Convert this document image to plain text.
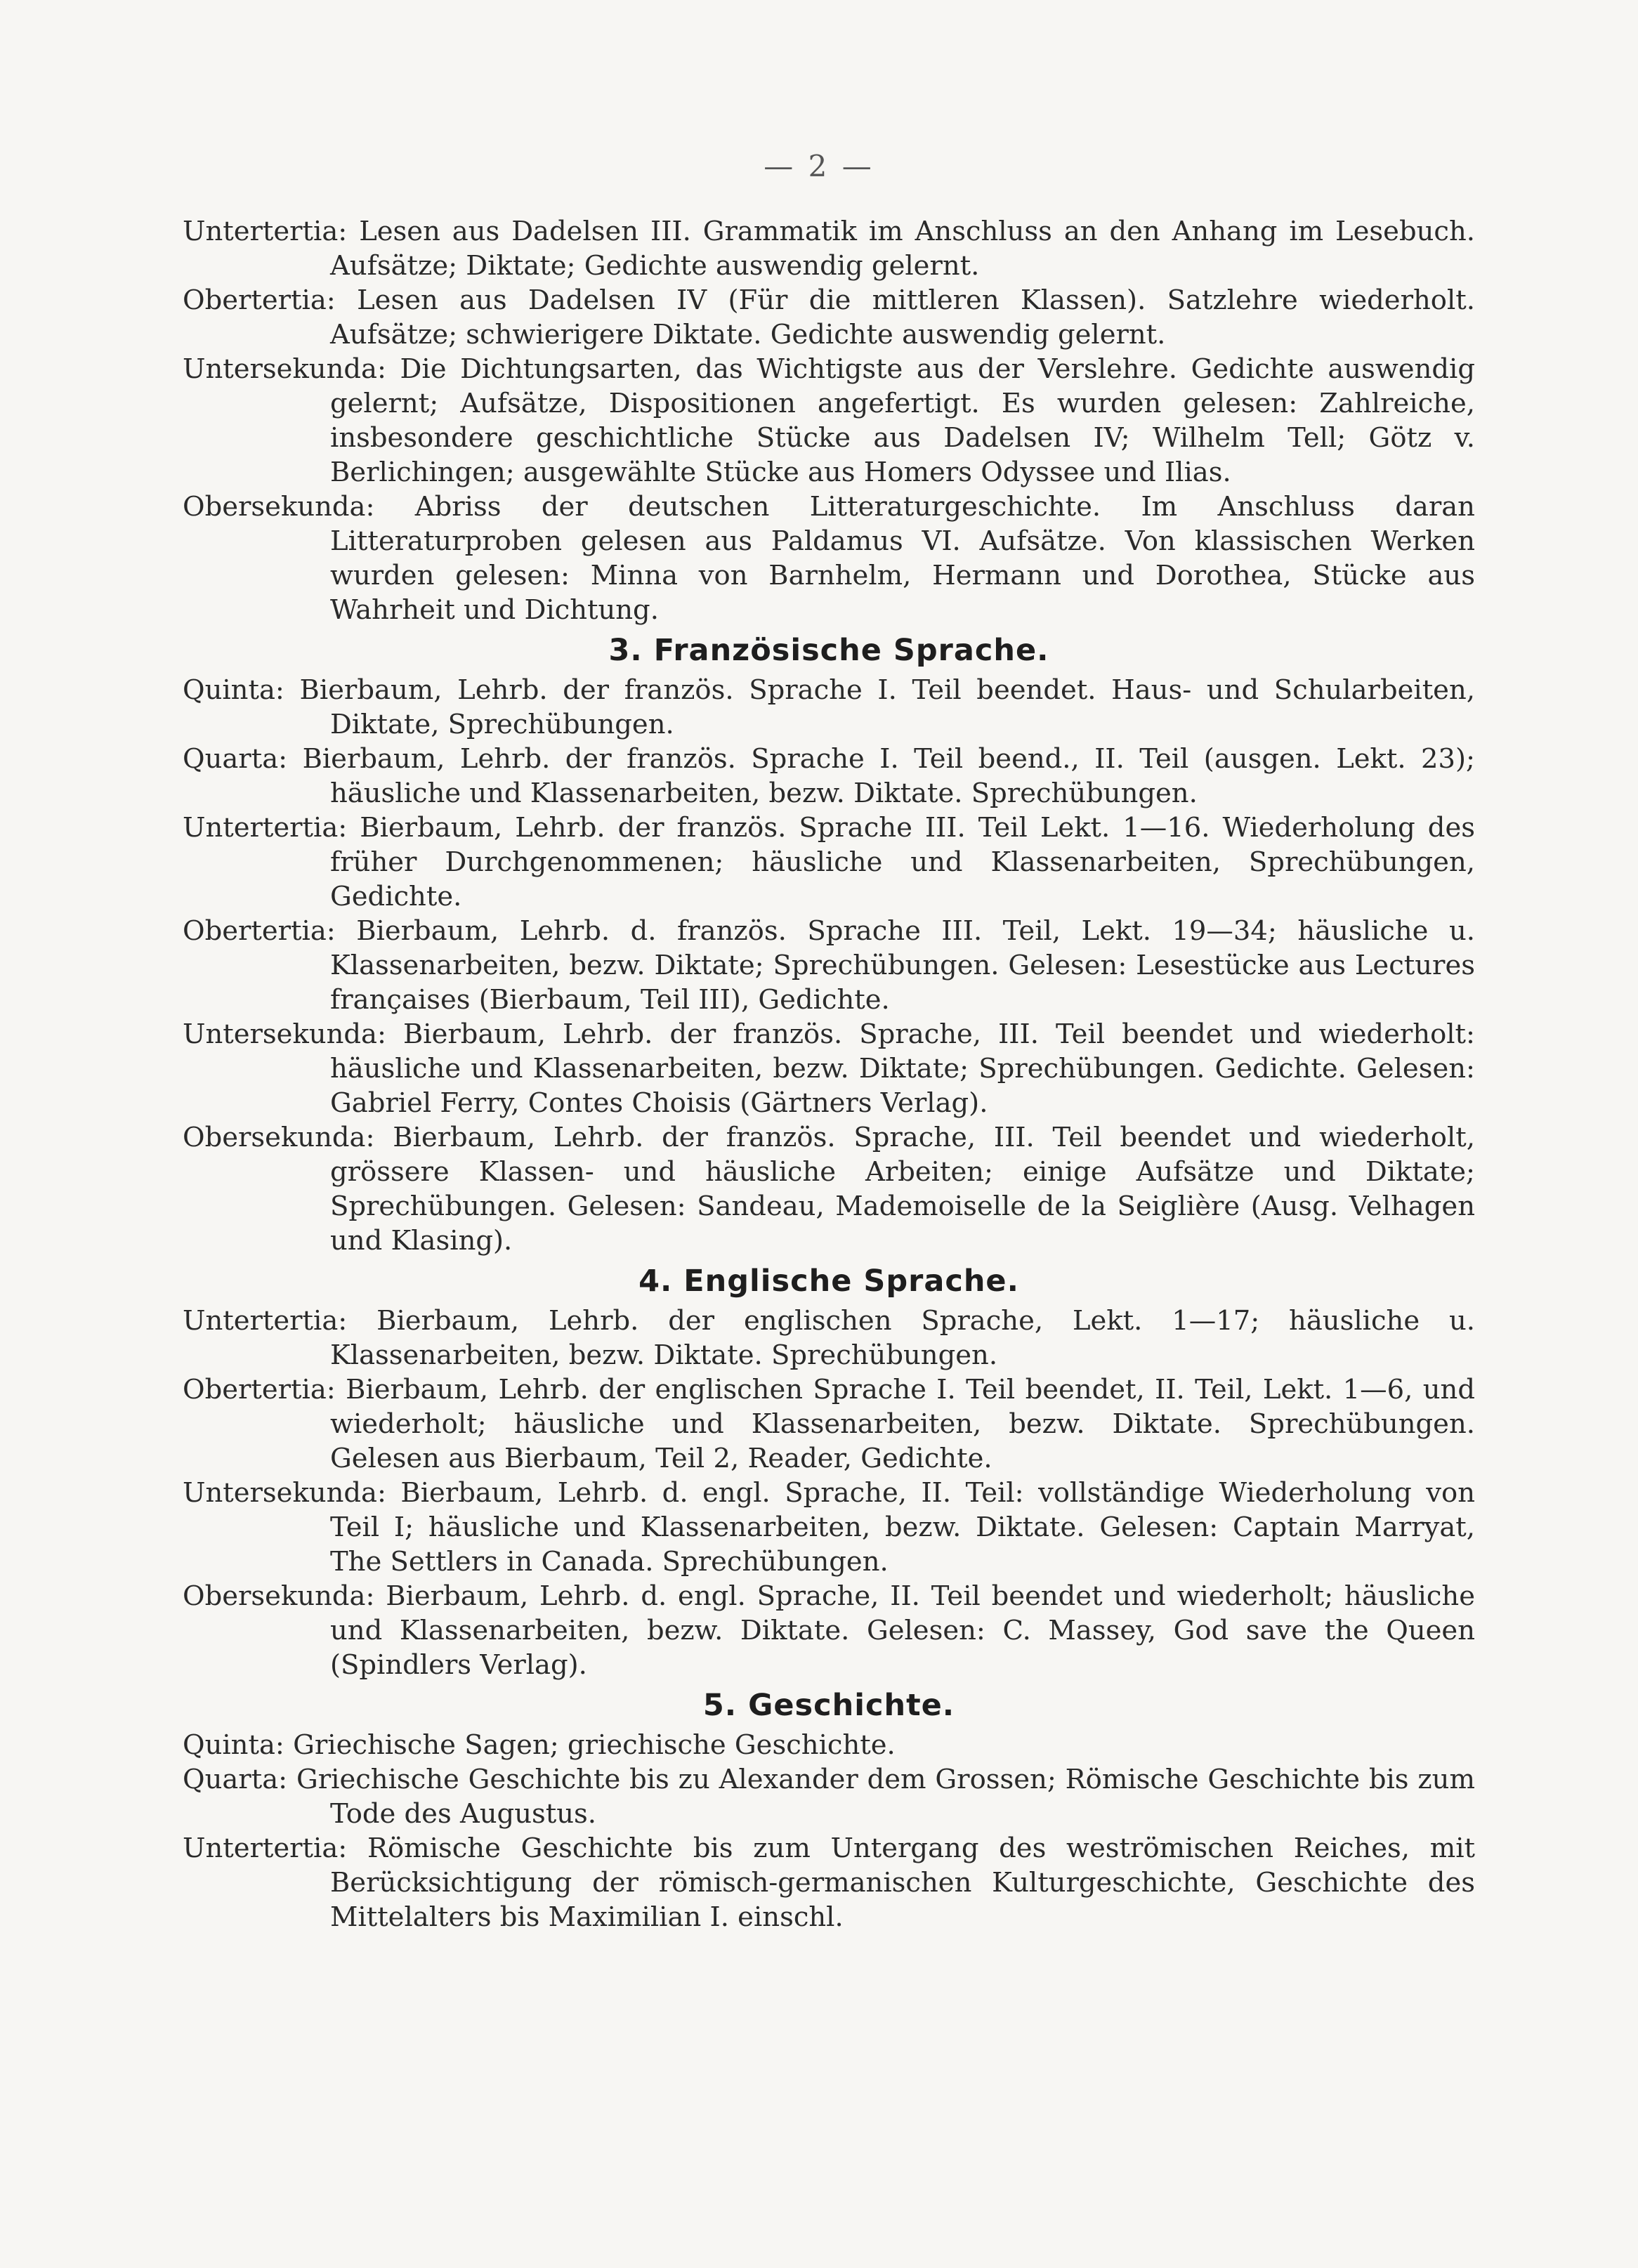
— 2 —

Untertertia: Lesen aus Dadelsen III. Grammatik im Anschluss an den Anhang im Lesebuch. Aufsätze; Diktate; Gedichte auswendig gelernt.

Obertertia: Lesen aus Dadelsen IV (Für die mittleren Klassen). Satzlehre wiederholt. Aufsätze; schwierigere Diktate. Gedichte auswendig gelernt.

Untersekunda: Die Dichtungsarten, das Wichtigste aus der Verslehre. Gedichte auswendig gelernt; Aufsätze, Dispositionen angefertigt. Es wurden gelesen: Zahlreiche, insbesondere geschichtliche Stücke aus Dadelsen IV; Wilhelm Tell; Götz v. Berlichingen; ausgewählte Stücke aus Homers Odyssee und Ilias.

Obersekunda: Abriss der deutschen Litteraturgeschichte. Im Anschluss daran Litteraturproben gelesen aus Paldamus VI. Aufsätze. Von klassischen Werken wurden gelesen: Minna von Barnhelm, Hermann und Dorothea, Stücke aus Wahrheit und Dichtung.

3. Französische Sprache.

Quinta: Bierbaum, Lehrb. der französ. Sprache I. Teil beendet. Haus- und Schularbeiten, Diktate, Sprechübungen.

Quarta: Bierbaum, Lehrb. der französ. Sprache I. Teil beend., II. Teil (ausgen. Lekt. 23); häusliche und Klassenarbeiten, bezw. Diktate. Sprechübungen.

Untertertia: Bierbaum, Lehrb. der französ. Sprache III. Teil Lekt. 1—16. Wiederholung des früher Durchgenommenen; häusliche und Klassenarbeiten, Sprechübungen, Gedichte.

Obertertia: Bierbaum, Lehrb. d. französ. Sprache III. Teil, Lekt. 19—34; häusliche u. Klassenarbeiten, bezw. Diktate; Sprechübungen. Gelesen: Lesestücke aus Lectures françaises (Bierbaum, Teil III), Gedichte.

Untersekunda: Bierbaum, Lehrb. der französ. Sprache, III. Teil beendet und wiederholt: häusliche und Klassenarbeiten, bezw. Diktate; Sprechübungen. Gedichte. Gelesen: Gabriel Ferry, Contes Choisis (Gärtners Verlag).

Obersekunda: Bierbaum, Lehrb. der französ. Sprache, III. Teil beendet und wiederholt, grössere Klassen- und häusliche Arbeiten; einige Aufsätze und Diktate; Sprechübungen. Gelesen: Sandeau, Mademoiselle de la Seiglière (Ausg. Velhagen und Klasing).

4. Englische Sprache.

Untertertia: Bierbaum, Lehrb. der englischen Sprache, Lekt. 1—17; häusliche u. Klassenarbeiten, bezw. Diktate. Sprechübungen.

Obertertia: Bierbaum, Lehrb. der englischen Sprache I. Teil beendet, II. Teil, Lekt. 1—6, und wiederholt; häusliche und Klassenarbeiten, bezw. Diktate. Sprechübungen. Gelesen aus Bierbaum, Teil 2, Reader, Gedichte.

Untersekunda: Bierbaum, Lehrb. d. engl. Sprache, II. Teil: vollständige Wiederholung von Teil I; häusliche und Klassenarbeiten, bezw. Diktate. Gelesen: Captain Marryat, The Settlers in Canada. Sprechübungen.

Obersekunda: Bierbaum, Lehrb. d. engl. Sprache, II. Teil beendet und wiederholt; häusliche und Klassenarbeiten, bezw. Diktate. Gelesen: C. Massey, God save the Queen (Spindlers Verlag).

5. Geschichte.

Quinta: Griechische Sagen; griechische Geschichte.

Quarta: Griechische Geschichte bis zu Alexander dem Grossen; Römische Geschichte bis zum Tode des Augustus.

Untertertia: Römische Geschichte bis zum Untergang des weströmischen Reiches, mit Berücksichtigung der römisch-germanischen Kulturgeschichte, Geschichte des Mittelalters bis Maximilian I. einschl.
